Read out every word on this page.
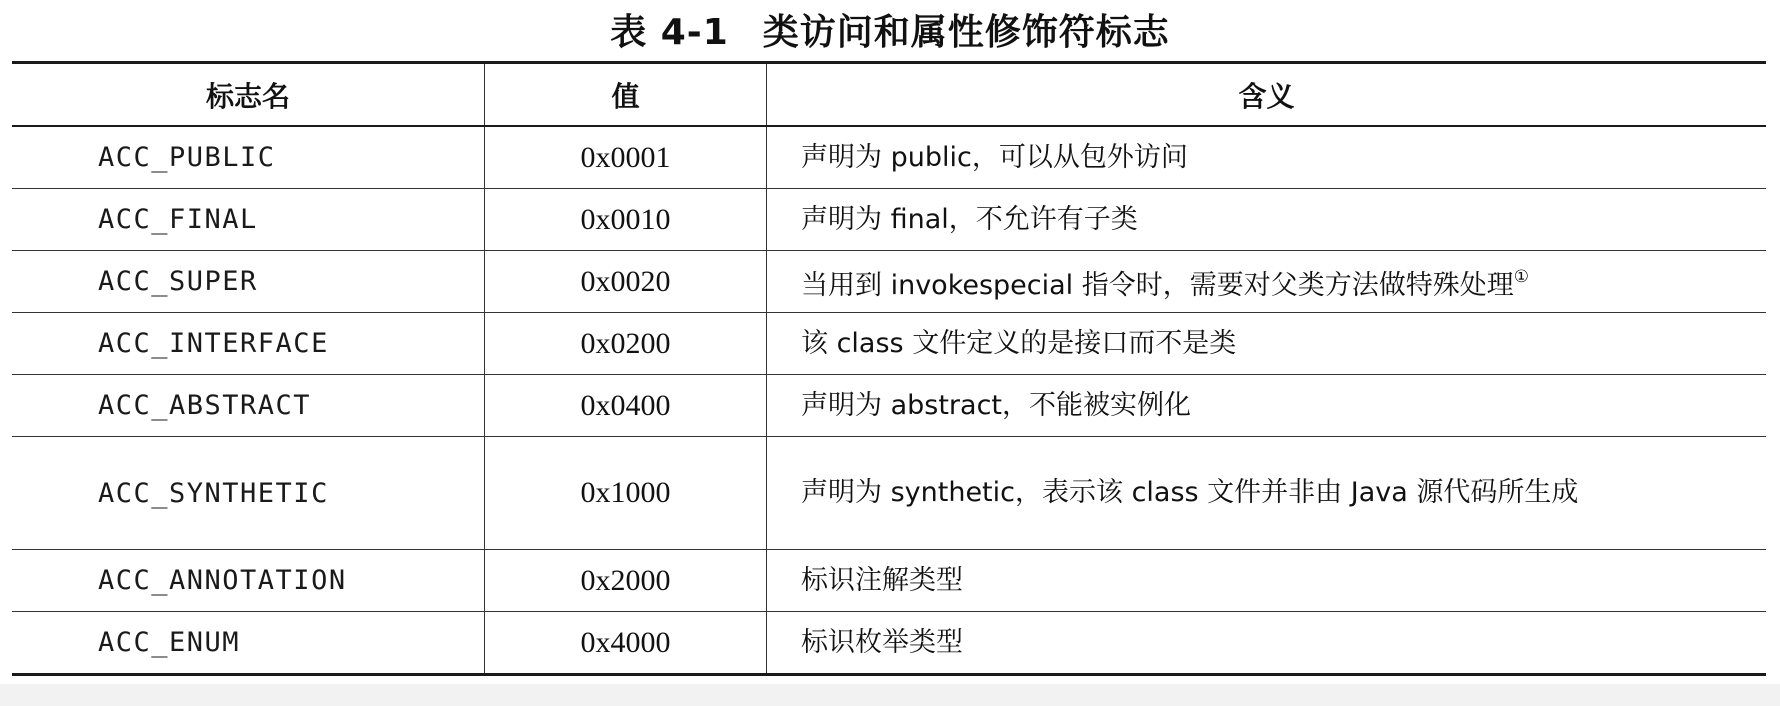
表 4-1 类访问和属性修饰符标志
标志名	值	含义
ACC_PUBLIC	0x0001	声明为 public，可以从包外访问
ACC_FINAL	0x0010	声明为 final，不允许有子类
ACC_SUPER	0x0020	当用到 invokespecial 指令时，需要对父类方法做特殊处理①
ACC_INTERFACE	0x0200	该 class 文件定义的是接口而不是类
ACC_ABSTRACT	0x0400	声明为 abstract，不能被实例化
ACC_SYNTHETIC	0x1000	声明为 synthetic，表示该 class 文件并非由 Java 源代码所生成
ACC_ANNOTATION	0x2000	标识注解类型
ACC_ENUM	0x4000	标识枚举类型
